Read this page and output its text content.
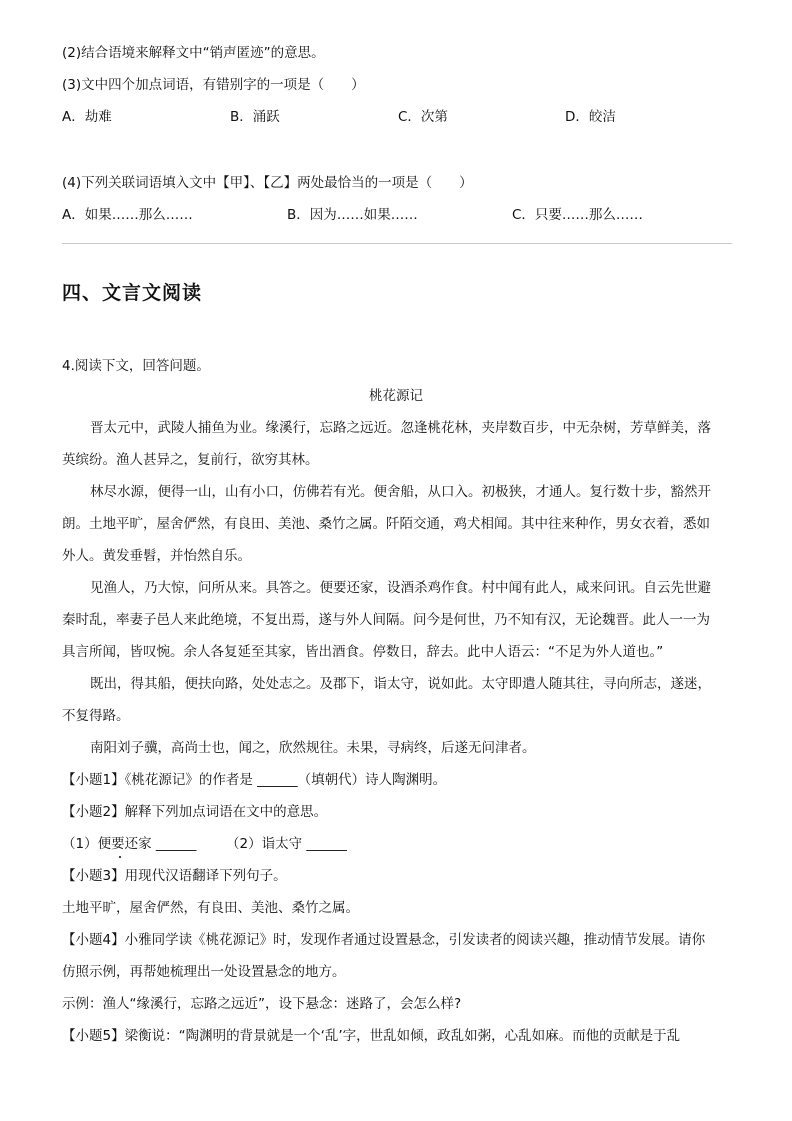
(2)结合语境来解释文中“销声匿迹”的意思。
(3)文中四个加点词语，有错别字的一项是（　　）
A．劫难	B．涌跃	C．次第	D．皎洁
(4)下列关联词语填入文中【甲】、【乙】两处最恰当的一项是（　　）
A．如果……那么……	B．因为……如果……	C．只要……那么……
四、文言文阅读
4.阅读下文，回答问题。
桃花源记
晋太元中，武陵人捕鱼为业。缘溪行，忘路之远近。忽逢桃花林，夹岸数百步，中无杂树，芳草鲜美，落
英缤纷。渔人甚异之，复前行，欲穷其林。
林尽水源，便得一山，山有小口，仿佛若有光。便舍船，从口入。初极狭，才通人。复行数十步，豁然开
朗。土地平旷，屋舍俨然，有良田、美池、桑竹之属。阡陌交通，鸡犬相闻。其中往来种作，男女衣着，悉如
外人。黄发垂髫，并怡然自乐。
见渔人，乃大惊，问所从来。具答之。便要还家，设酒杀鸡作食。村中闻有此人，咸来问讯。自云先世避
秦时乱，率妻子邑人来此绝境，不复出焉，遂与外人间隔。问今是何世，乃不知有汉，无论魏晋。此人一一为
具言所闻，皆叹惋。余人各复延至其家，皆出酒食。停数日，辞去。此中人语云：“不足为外人道也。”
既出，得其船，便扶向路，处处志之。及郡下，诣太守，说如此。太守即遣人随其往，寻向所志，遂迷，
不复得路。
南阳刘子骥，高尚士也，闻之，欣然规往。未果，寻病终，后遂无问津者。
【小题1】《桃花源记》的作者是 ______（填朝代）诗人陶渊明。
【小题2】解释下列加点词语在文中的意思。
（1）便要还家 ______ （2）诣太守 ______
【小题3】用现代汉语翻译下列句子。
土地平旷，屋舍俨然，有良田、美池、桑竹之属。
【小题4】小雅同学读《桃花源记》时，发现作者通过设置悬念，引发读者的阅读兴趣，推动情节发展。请你
仿照示例，再帮她梳理出一处设置悬念的地方。
示例：渔人“缘溪行，忘路之远近”，设下悬念：迷路了，会怎么样?
【小题5】梁衡说：“陶渊明的背景就是一个‘乱’字，世乱如倾，政乱如粥，心乱如麻。而他的贡献是于乱
